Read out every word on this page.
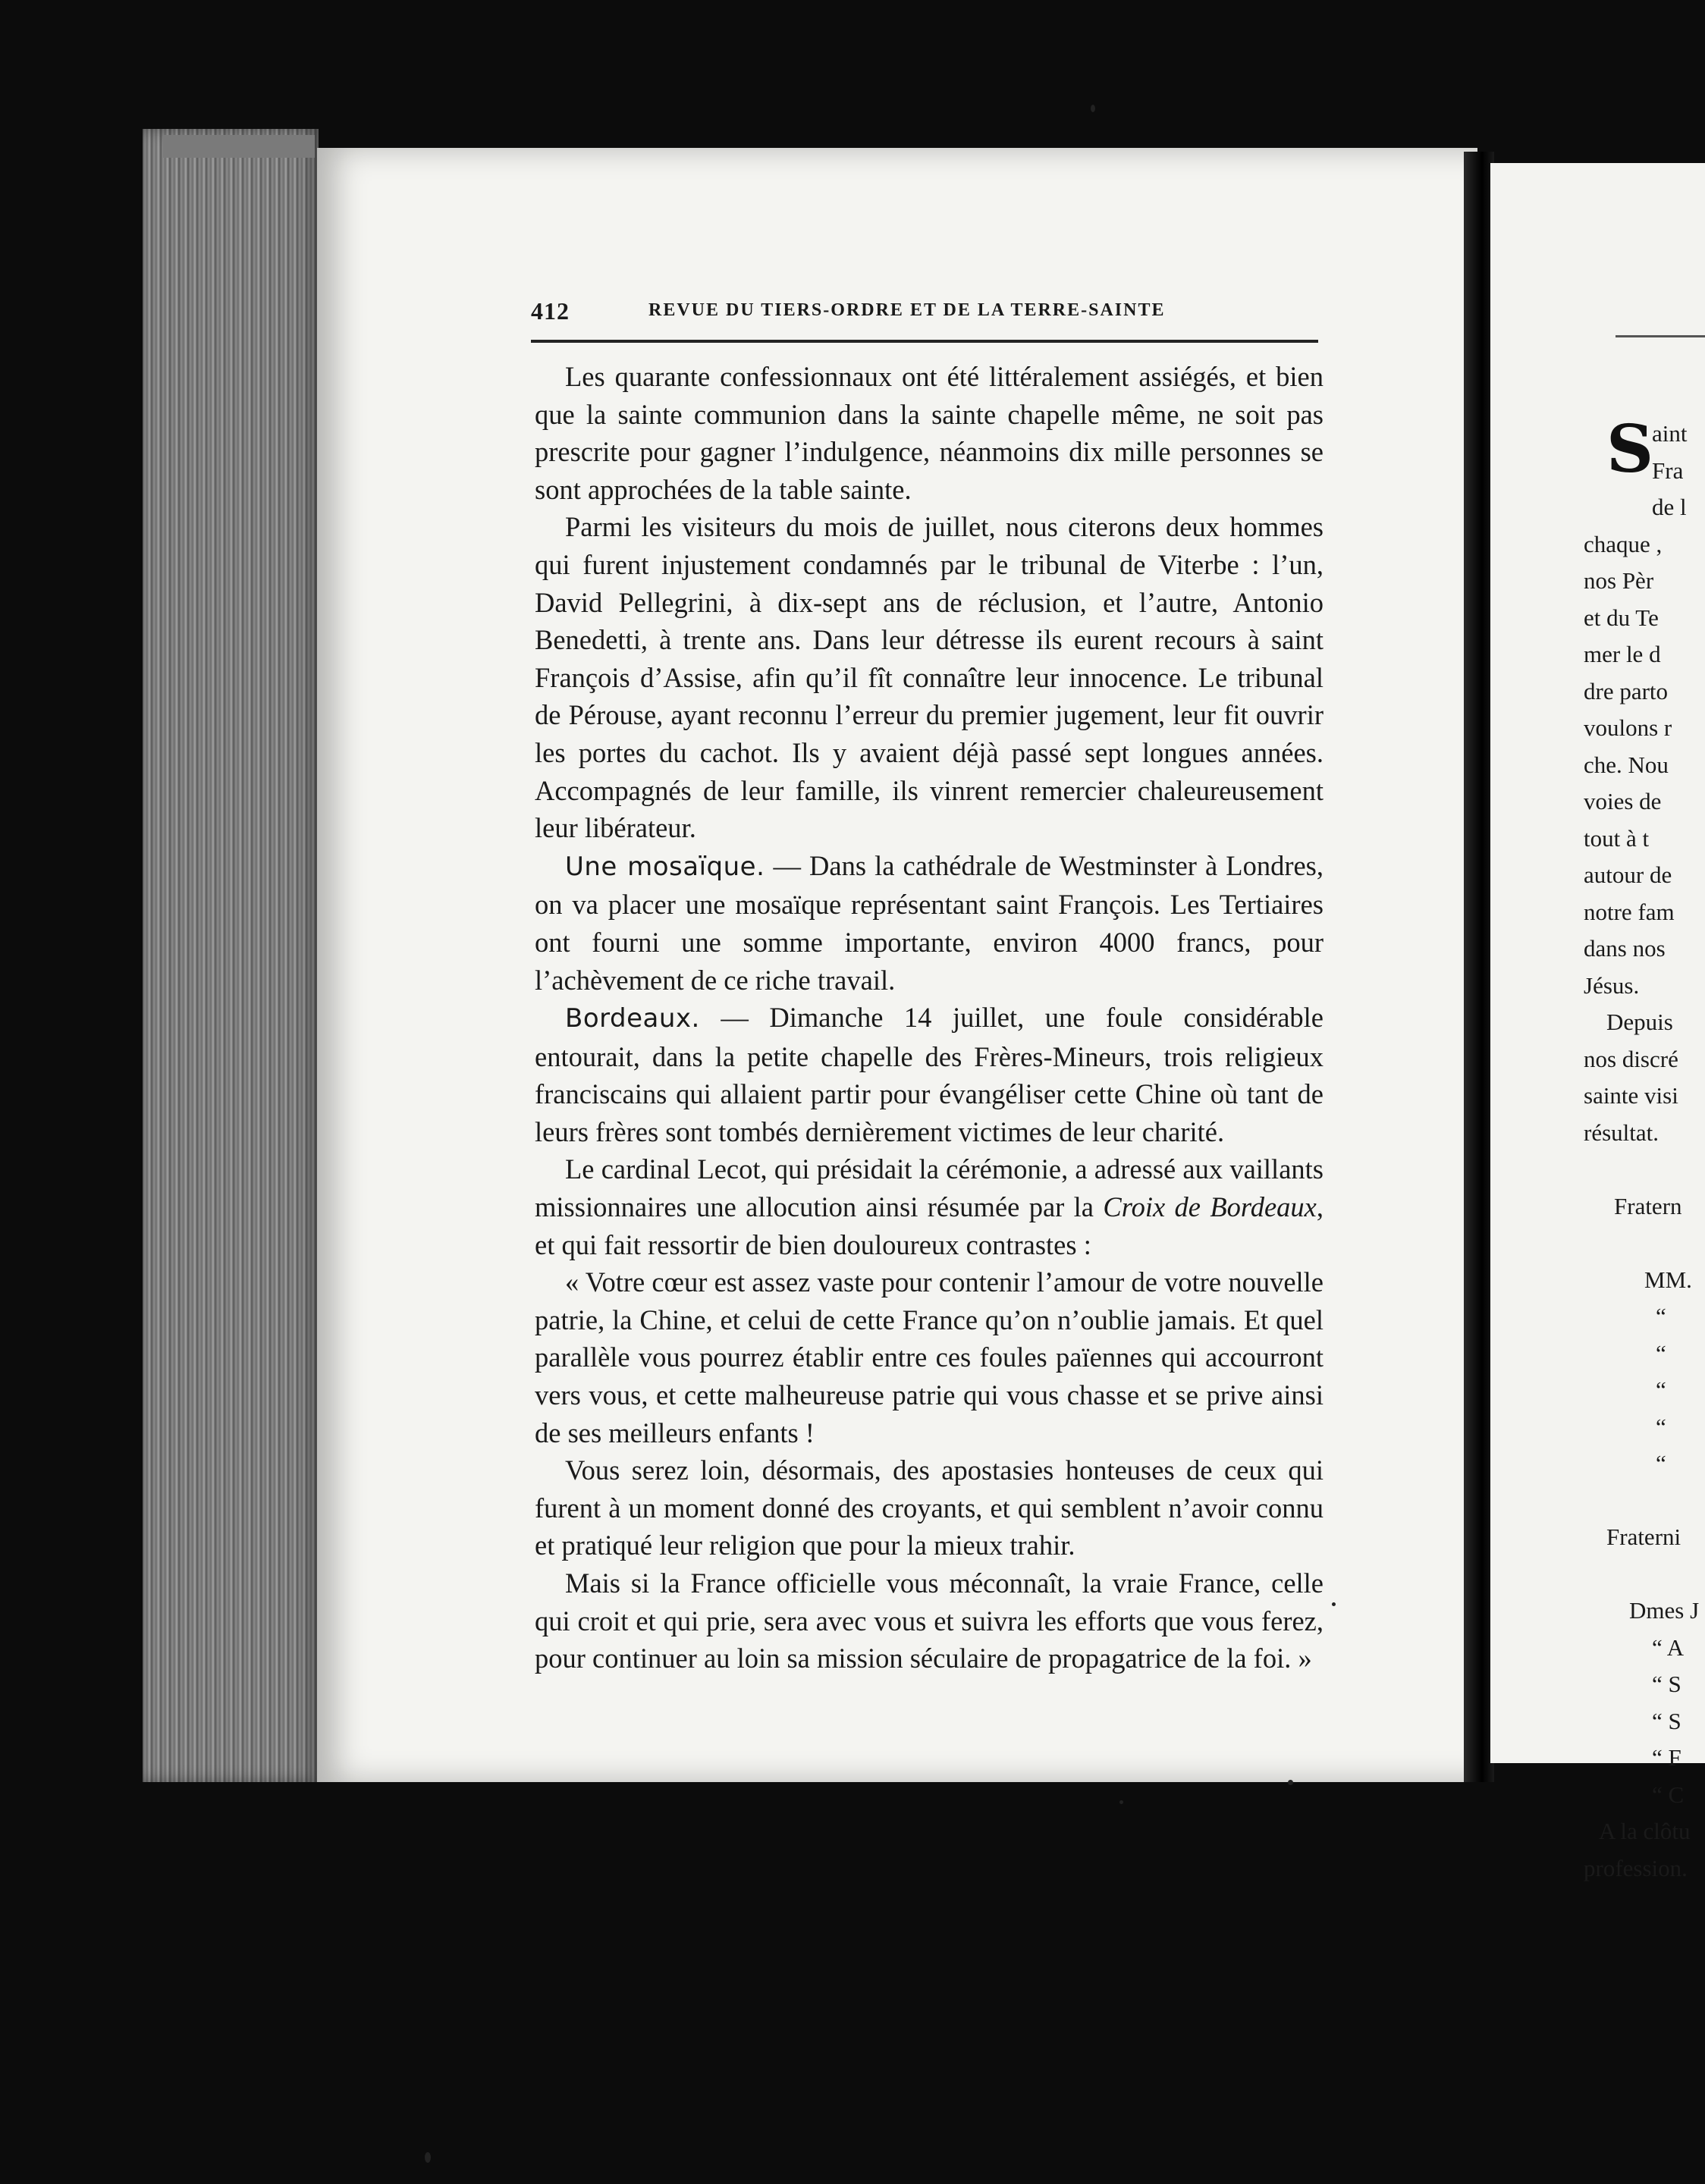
412	REVUE DU TIERS-ORDRE ET DE LA TERRE-SAINTE

Les quarante confessionnaux ont été littéralement assiégés, et bien que la sainte communion dans la sainte chapelle même, ne soit pas prescrite pour gagner l’indulgence, néanmoins dix mille personnes se sont approchées de la table sainte.

Parmi les visiteurs du mois de juillet, nous citerons deux hommes qui furent injustement condamnés par le tribunal de Viterbe : l’un, David Pellegrini, à dix-sept ans de réclusion, et l’autre, Antonio Benedetti, à trente ans. Dans leur détresse ils eurent recours à saint François d’Assise, afin qu’il fît connaître leur innocence. Le tribunal de Pérouse, ayant reconnu l’erreur du premier jugement, leur fit ouvrir les portes du cachot. Ils y avaient déjà passé sept longues années. Accompagnés de leur famille, ils vinrent remercier chaleureusement leur libérateur.

Une mosaïque. — Dans la cathédrale de Westminster à Londres, on va placer une mosaïque représentant saint François. Les Tertiaires ont fourni une somme importante, environ 4000 francs, pour l’achèvement de ce riche travail.

Bordeaux. — Dimanche 14 juillet, une foule considérable entourait, dans la petite chapelle des Frères-Mineurs, trois religieux franciscains qui allaient partir pour évangéliser cette Chine où tant de leurs frères sont tombés dernièrement victimes de leur charité.

Le cardinal Lecot, qui présidait la cérémonie, a adressé aux vaillants missionnaires une allocution ainsi résumée par la Croix de Bordeaux, et qui fait ressortir de bien douloureux contrastes :

« Votre cœur est assez vaste pour contenir l’amour de votre nouvelle patrie, la Chine, et celui de cette France qu’on n’oublie jamais. Et quel parallèle vous pourrez établir entre ces foules païennes qui accourront vers vous, et cette malheureuse patrie qui vous chasse et se prive ainsi de ses meilleurs enfants !

Vous serez loin, désormais, des apostasies honteuses de ceux qui furent à un moment donné des croyants, et qui semblent n’avoir connu et pratiqué leur religion que pour la mieux trahir.

Mais si la France officielle vous méconnaît, la vraie France, celle qui croit et qui prie, sera avec vous et suivra les efforts que vous ferez, pour continuer au loin sa mission séculaire de propagatrice de la foi. »

S
aint
Fra
de l
chaque ,
nos Pèr
et du Te
mer le d
dre parto
voulons r
che. Nou
voies de
tout à t
autour de
notre fam
dans nos
Jésus.
Depuis
nos discré
sainte visi
résultat.
Fratern
MM.
“
“
“
“
“
Fraterni
Dmes J
“ A
“ S
“ S
“ F
“ C
A la clôtu
profession.
